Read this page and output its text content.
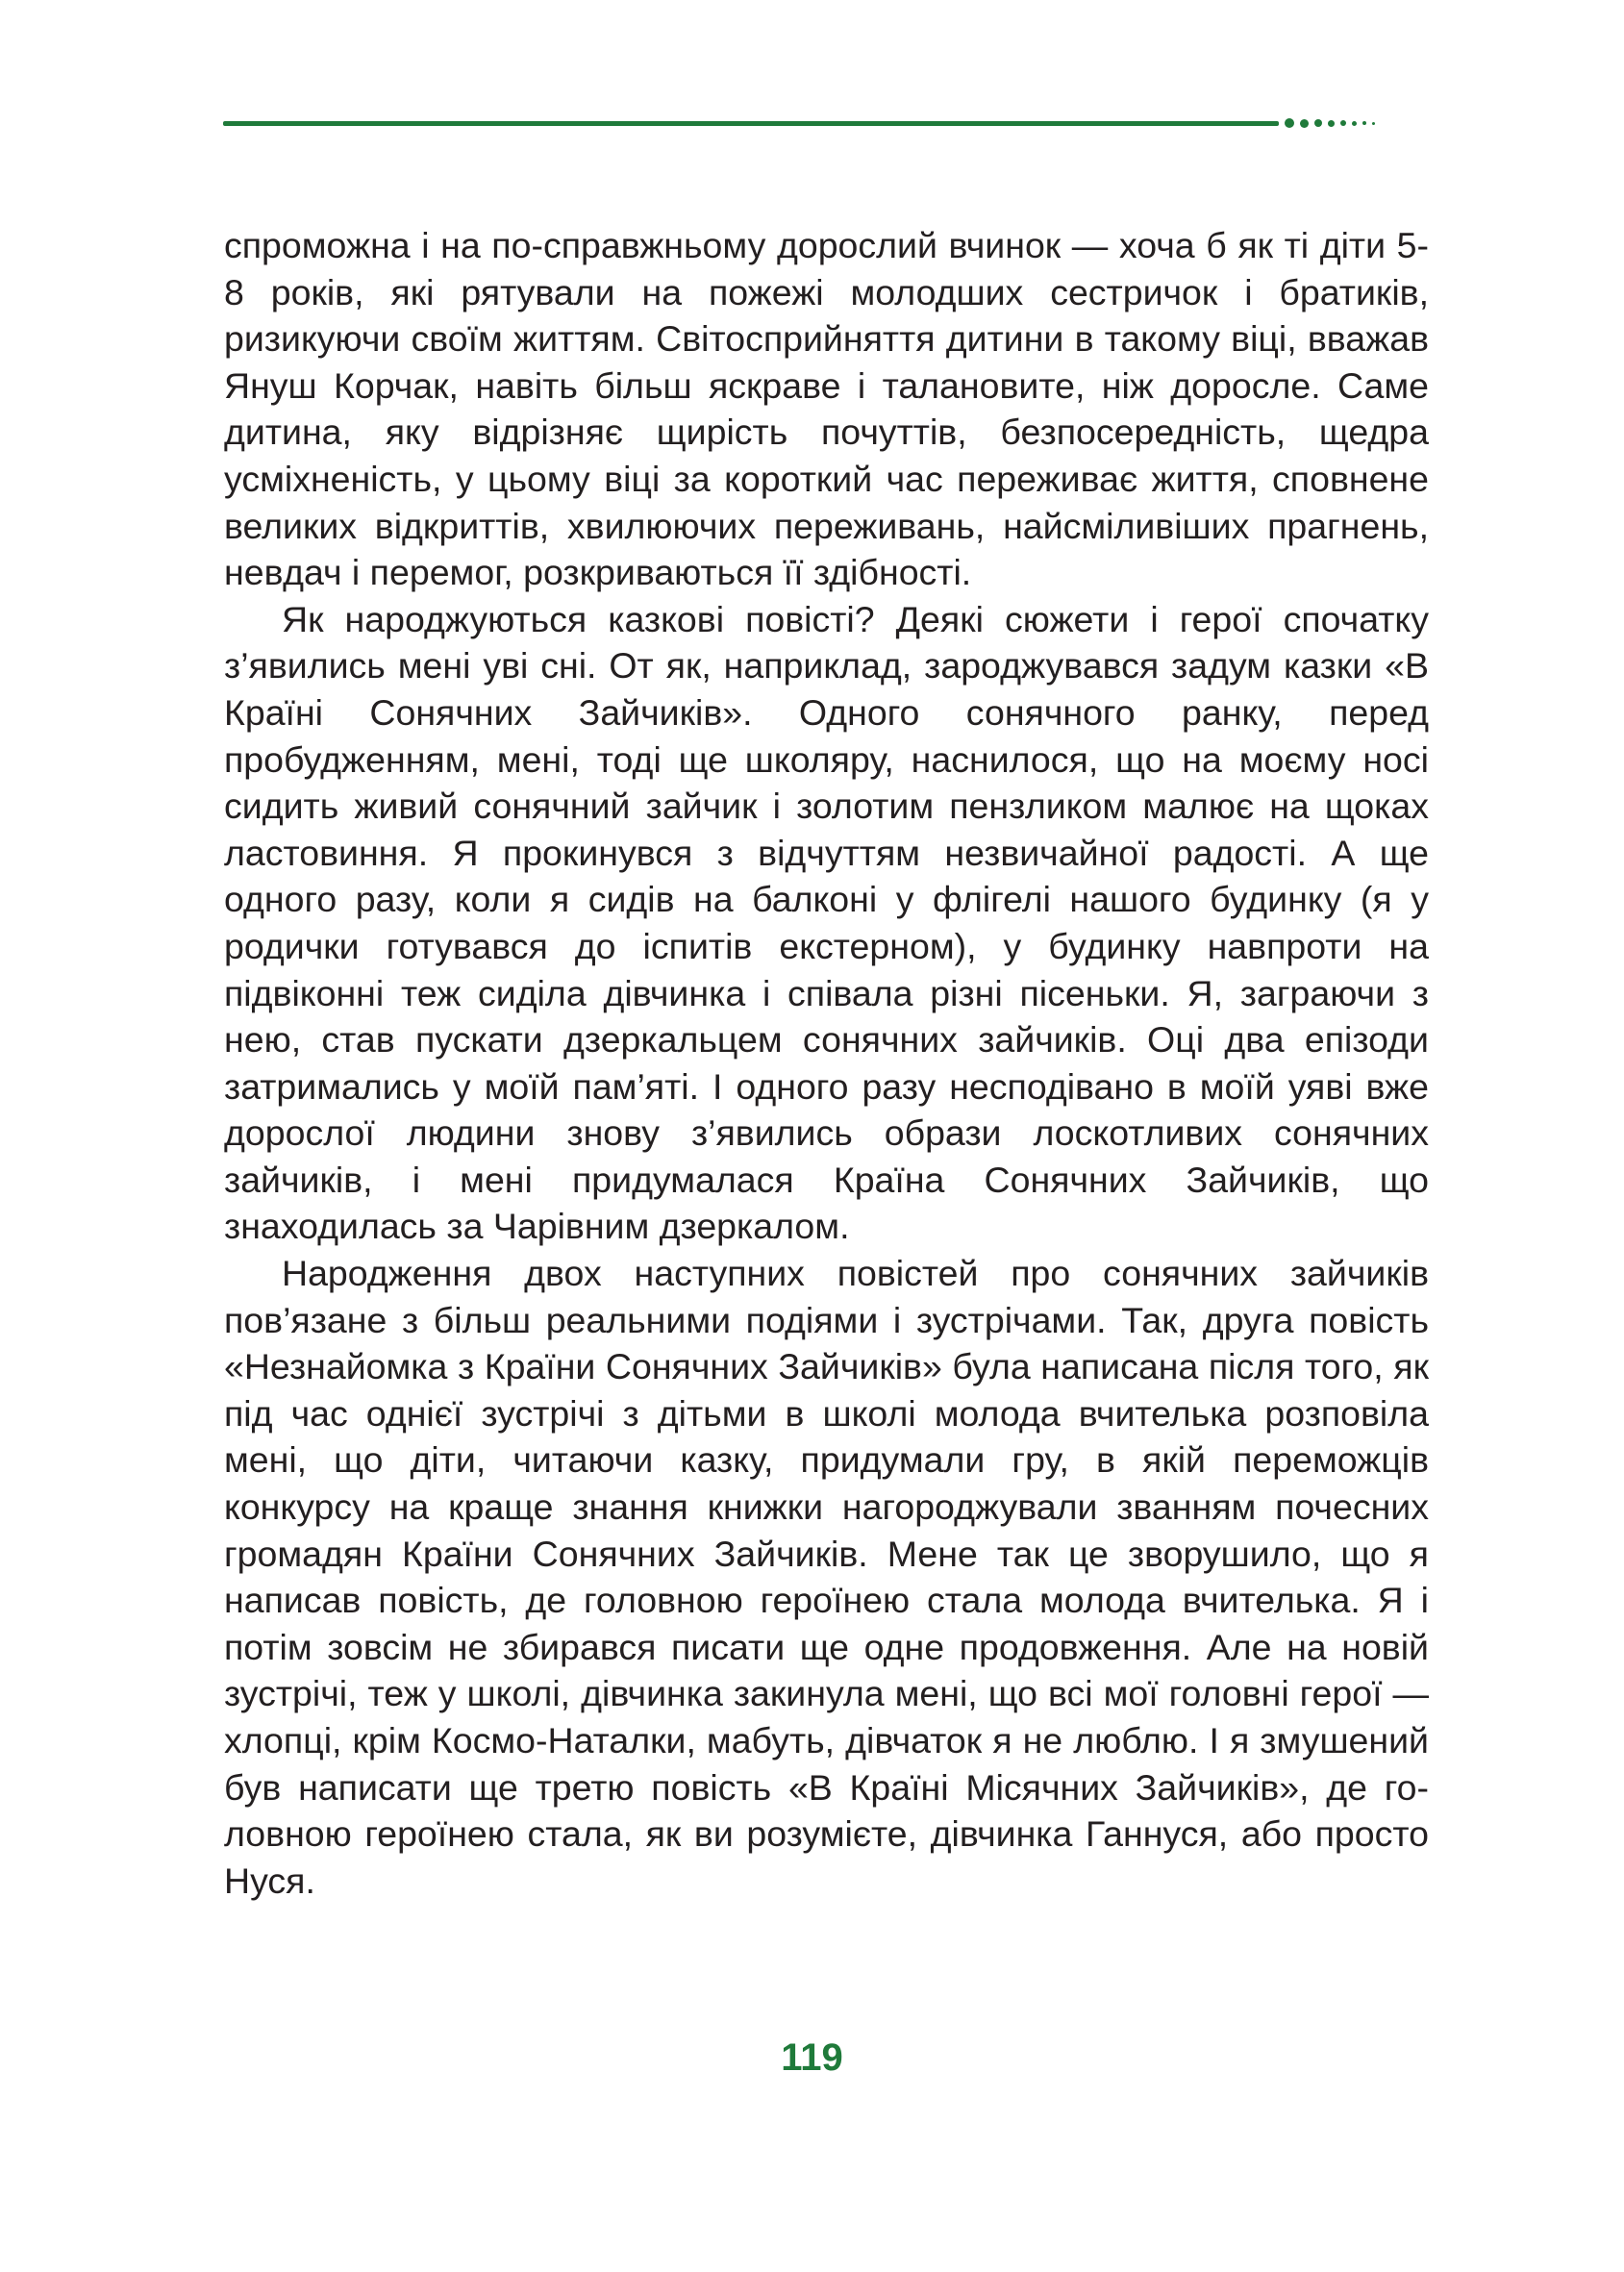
спроможна і на по-справжньому дорослий вчинок — хоча б як ті діти 5-8 років, які рятували на пожежі молодших сестричок і братиків, ризикуючи своїм життям. Світосприйняття дитини в такому віці, вважав Януш Корчак, навіть більш яскраве і талановите, ніж доросле. Саме дитина, яку відрізняє щирість почуттів, безпосередність, щедра усміхненість, у цьому віці за короткий час переживає життя, сповнене великих відкриттів, хвилюючих переживань, найсміливіших прагнень, невдач і перемог, розкриваються її здібності.

Як народжуються казкові повісті? Деякі сюжети і герої спочатку з’явились мені уві сні. От як, наприклад, зароджувався задум казки «В Країні Сонячних Зайчиків». Одного сонячного ранку, перед пробудженням, мені, тоді ще школяру, наснилося, що на моєму носі сидить живий сонячний зайчик і золотим пензликом малює на щоках ластовиння. Я прокинувся з відчуттям незвичайної радості. А ще одного разу, коли я сидів на балконі у флігелі нашого будинку (я у родички готувався до іспитів екстерном), у будинку навпроти на підвіконні теж сиділа дівчинка і співала різні пісеньки. Я, заграючи з нею, став пускати дзеркальцем сонячних зайчиків. Оці два епізоди затримались у моїй пам’яті. І одного разу несподівано в моїй уяві вже дорослої людини знову з’явились образи лоскотливих сонячних зайчиків, і мені придумалася Країна Сонячних Зайчиків, що знаходилась за Чарівним дзеркалом.

Народження двох наступних повістей про сонячних зайчиків пов’язане з більш реальними подіями і зустрічами. Так, друга повість «Незнайомка з Країни Сонячних Зайчиків» була написана після того, як під час однієї зустрічі з дітьми в школі молода вчителька розповіла мені, що діти, читаючи казку, придумали гру, в якій переможців конкурсу на краще знання книжки нагороджували званням почесних громадян Країни Сонячних Зайчиків. Мене так це зворушило, що я написав повість, де головною героїнею стала молода вчителька. Я і потім зовсім не збирався писати ще одне продовження. Але на новій зустрічі, теж у школі, дівчинка закинула мені, що всі мої головні герої — хлопці, крім Космо-Наталки, мабуть, дівчаток я не люблю. І я змушений був написати ще третю повість «В Країні Місячних Зайчиків», де головною героїнею стала, як ви розумієте, дівчинка Ганнуся, або просто Нуся.

119
